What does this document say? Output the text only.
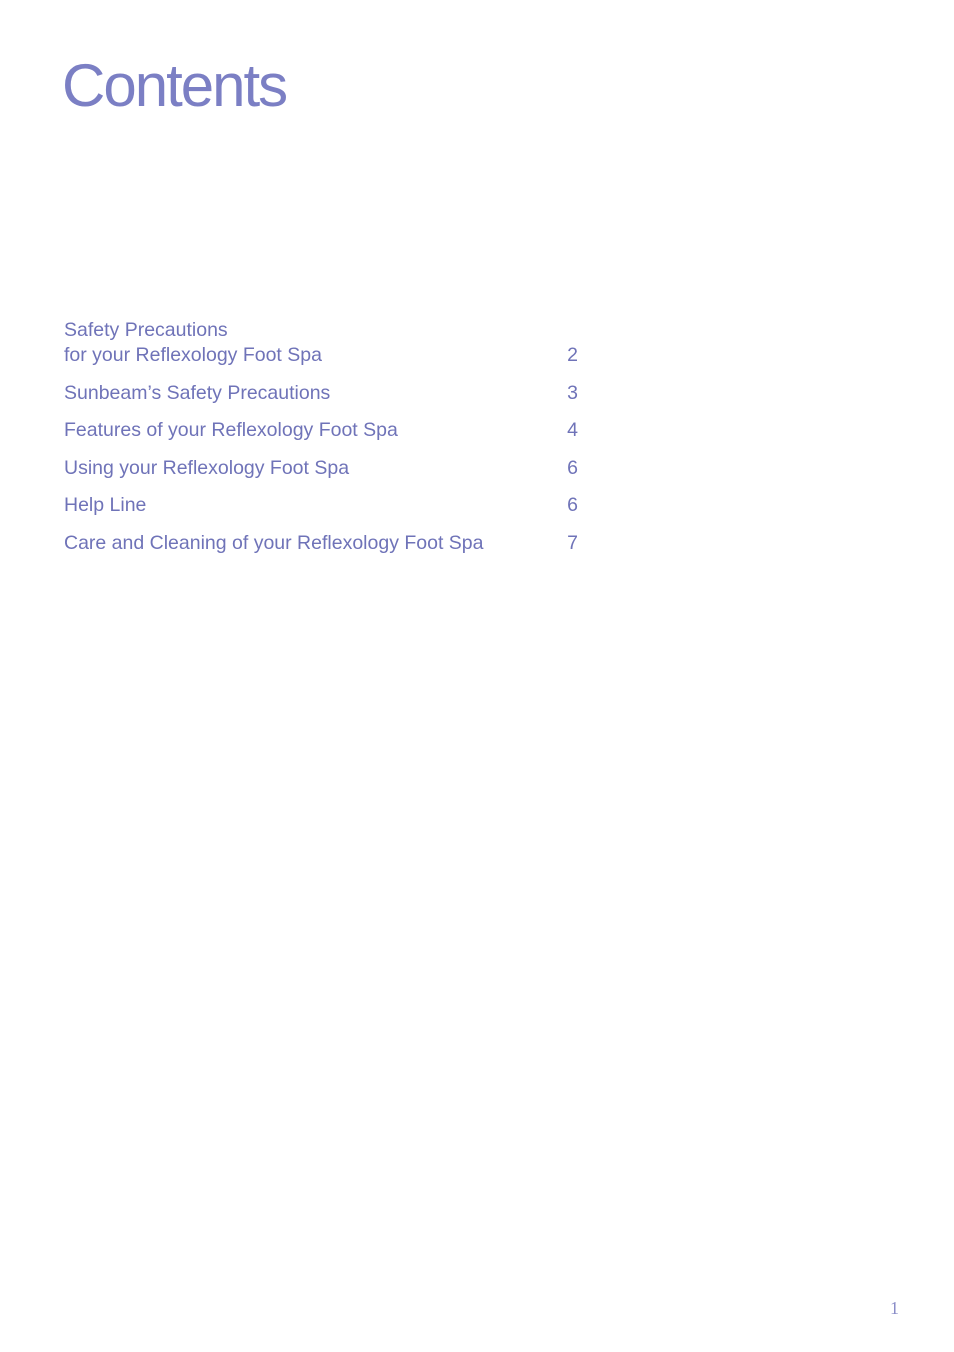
Contents
Safety Precautions
for your Reflexology Foot Spa	2
Sunbeam’s Safety Precautions	3
Features of your Reflexology Foot Spa	4
Using your Reflexology Foot Spa	6
Help Line	6
Care and Cleaning of your Reflexology Foot Spa	7
1
